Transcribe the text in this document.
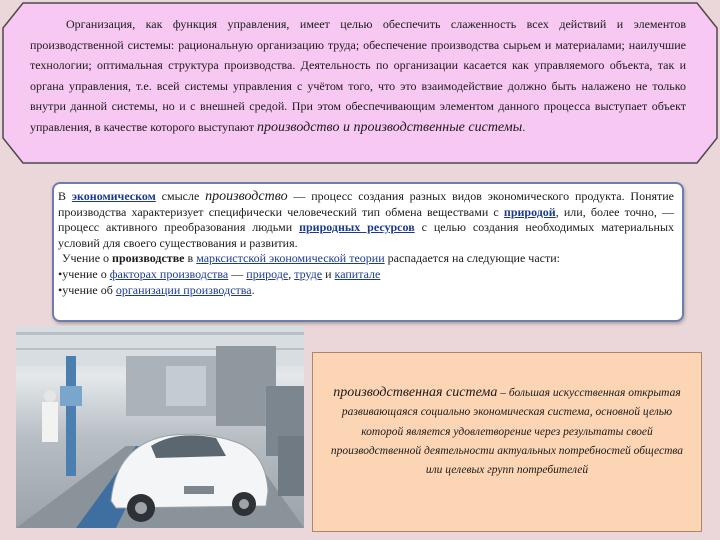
Организация, как функция управления, имеет целью обеспечить слаженность всех действий и элементов производственной системы: рациональную организацию труда; обеспечение производства сырьем и материалами; наилучшие технологии; оптимальная структура производства. Деятельность по организации касается как управляемого объекта, так и органа управления, т.е. всей системы управления с учётом того, что это взаимодействие должно быть налажено не только внутри данной системы, но и с внешней средой. При этом обеспечивающим элементом данного процесса выступает объект управления, в качестве которого выступают производство и производственные системы.
В экономическом смысле производство — процесс создания разных видов экономического продукта. Понятие производства характеризует специфически человеческий тип обмена веществами с природой, или, более точно, — процесс активного преобразования людьми природных ресурсов с целью создания необходимых материальных условий для своего существования и развития.
Учение о производстве в марксистской экономической теории распадается на следующие части:
•учение о факторах производства — природе, труде и капитале
•учение об организации производства.
производственная система – большая искусственная открытая развивающаяся социально экономическая система, основной целью которой является удовлетворение через результаты своей производственной деятельности актуальных потребностей общества или целевых групп потребителей
